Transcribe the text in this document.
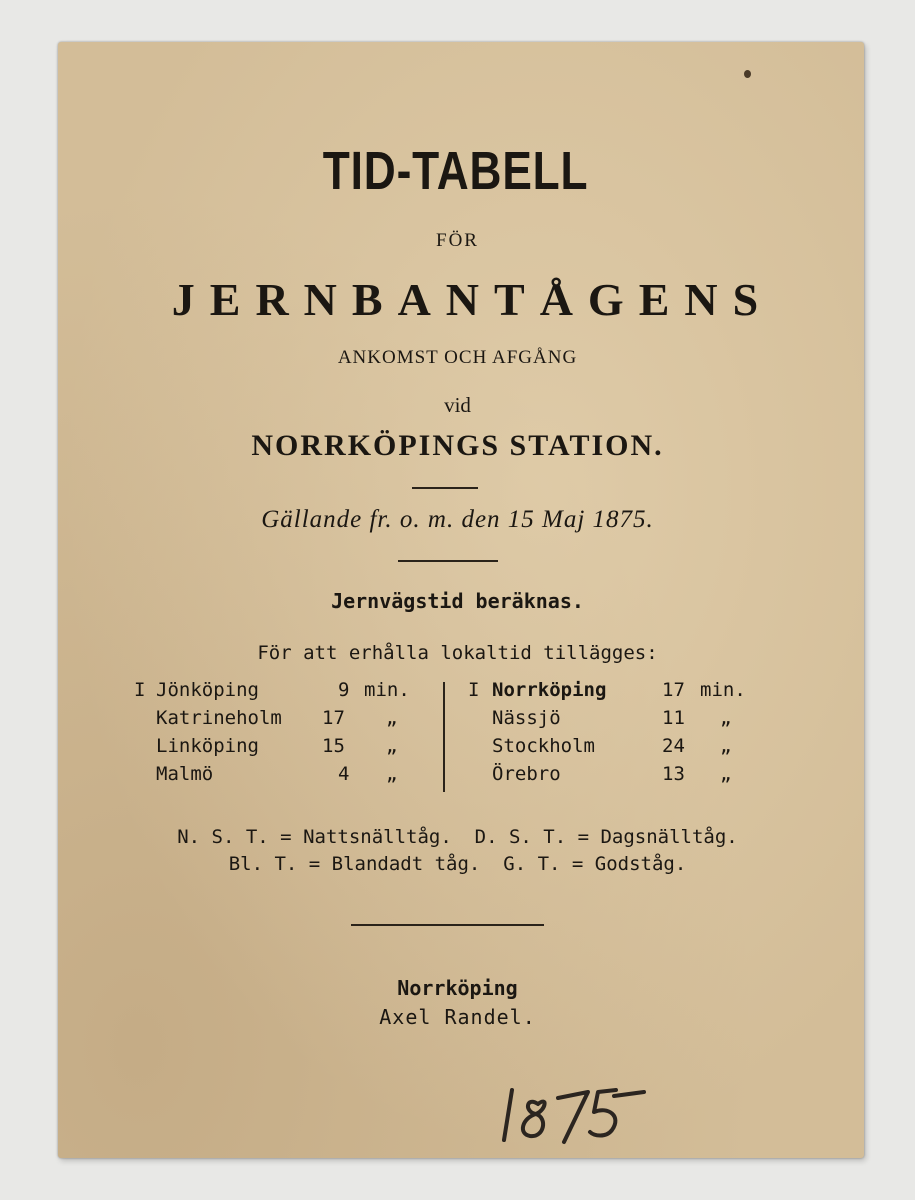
TID-TABELL
FÖR
JERNBANTÅGENS
ANKOMST OCH AFGÅNG
vid
NORRKÖPINGS STATION.
Gällande fr. o. m. den 15 Maj 1875.
Jernvägstid beräknas.
För att erhålla lokaltid tillägges:
I Jönköping	9 min.
Katrineholm 17 „
Linköping	15 „
Malmö	4 „
I Norrköping	17 min.
Nässjö	11 „
Stockholm	24 „
Örebro	13 „
N. S. T. = Nattsnälltåg.  D. S. T. = Dagsnälltåg.
Bl. T. = Blandadt tåg.  G. T. = Godståg.
Norrköping
Axel Randel.
